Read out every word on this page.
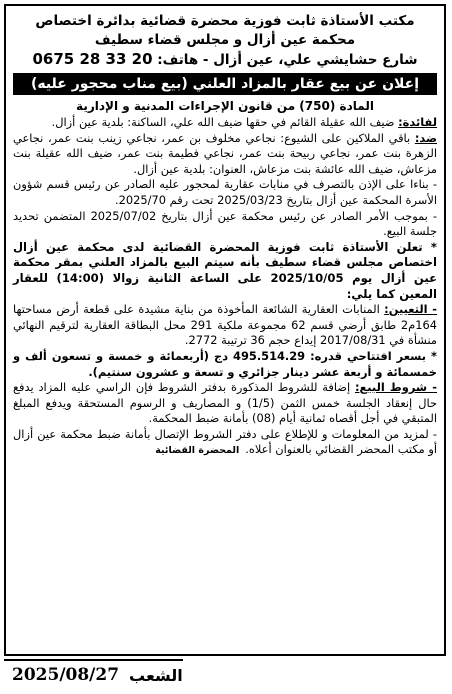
مكتب الأستاذة ثابت فوزية محضرة قضائية بدائرة اختصاص
محكمة عين أزال و مجلس قضاء سطيف
شارع حشايشي علي، عين أزال - هاتف: 0675 28 33 20
إعلان عن بيع عقار بالمزاد العلني (بيع مناب محجور عليه)
المادة (750) من قانون الإجراءات المدنية و الإدارية

لفائدة: ضيف الله عقيلة القائم في حقها ضيف الله علي، الساكنة: بلدية عين أزال.

ضد: باقي الملاكين على الشيوع: نجاعي مخلوف بن عمر، نجاعي زينب بنت عمر، نجاعي الزهرة بنت عمر، نجاعي ربيحة بنت عمر، نجاعي فطيمة بنت عمر، ضيف الله عقيلة بنت مزعاش، ضيف الله عائشة بنت مزعاش، العنوان: بلدية عين أزال.

- بناءا على الإذن بالتصرف في منابات عقارية لمحجور عليه الصادر عن رئيس قسم شؤون الأسرة المحكمة عين أزال بتاريخ 2025/03/23 تحت رقم 2025/70.

- بموجب الأمر الصادر عن رئيس محكمة عين أزال بتاريخ 2025/07/02 المتضمن تحديد جلسة البيع.

* تعلن الأستاذة ثابت فوزية المحضرة القضائية لدى محكمة عين أزال اختصاص مجلس قضاء سطيف بأنه سيتم البيع بالمزاد العلني بمقر محكمة عين أزال يوم 2025/10/05 على الساعة الثانية زوالا (14:00) للعقار المعين كما يلي:

- التعيين: المنابات العقارية الشائعة المأخوذة من بناية مشيدة على قطعة أرض مساحتها 164م2 طابق أرضي قسم 62 مجموعة ملكية 291 محل البطاقة العقارية لترقيم النهائي منشأة في 2017/08/31 إيداع حجم 36 ترتيبة 2772.

* بسعر افتتاحي قدره: 495.514.29 دج (أربعمائة و خمسة و تسعون ألف و خمسمائة و أربعة عشر دينار جزائري و تسعة و عشرون سنتيم).

- شروط البيع: إضافة للشروط المذكورة بدفتر الشروط فإن الراسي عليه المزاد يدفع حال إنعقاد الجلسة خمس الثمن (1/5) و المصاريف و الرسوم المستحقة ويدفع المبلغ المتبقي في أجل أقصاه ثمانية أيام (08) بأمانة ضبط المحكمة.

- لمزيد من المعلومات و للإطلاع على دفتر الشروط الإتصال بأمانة ضبط محكمة عين أزال أو مكتب المحضر القضائي بالعنوان أعلاه.المحضرة القضائية

الشعب
2025/08/27
